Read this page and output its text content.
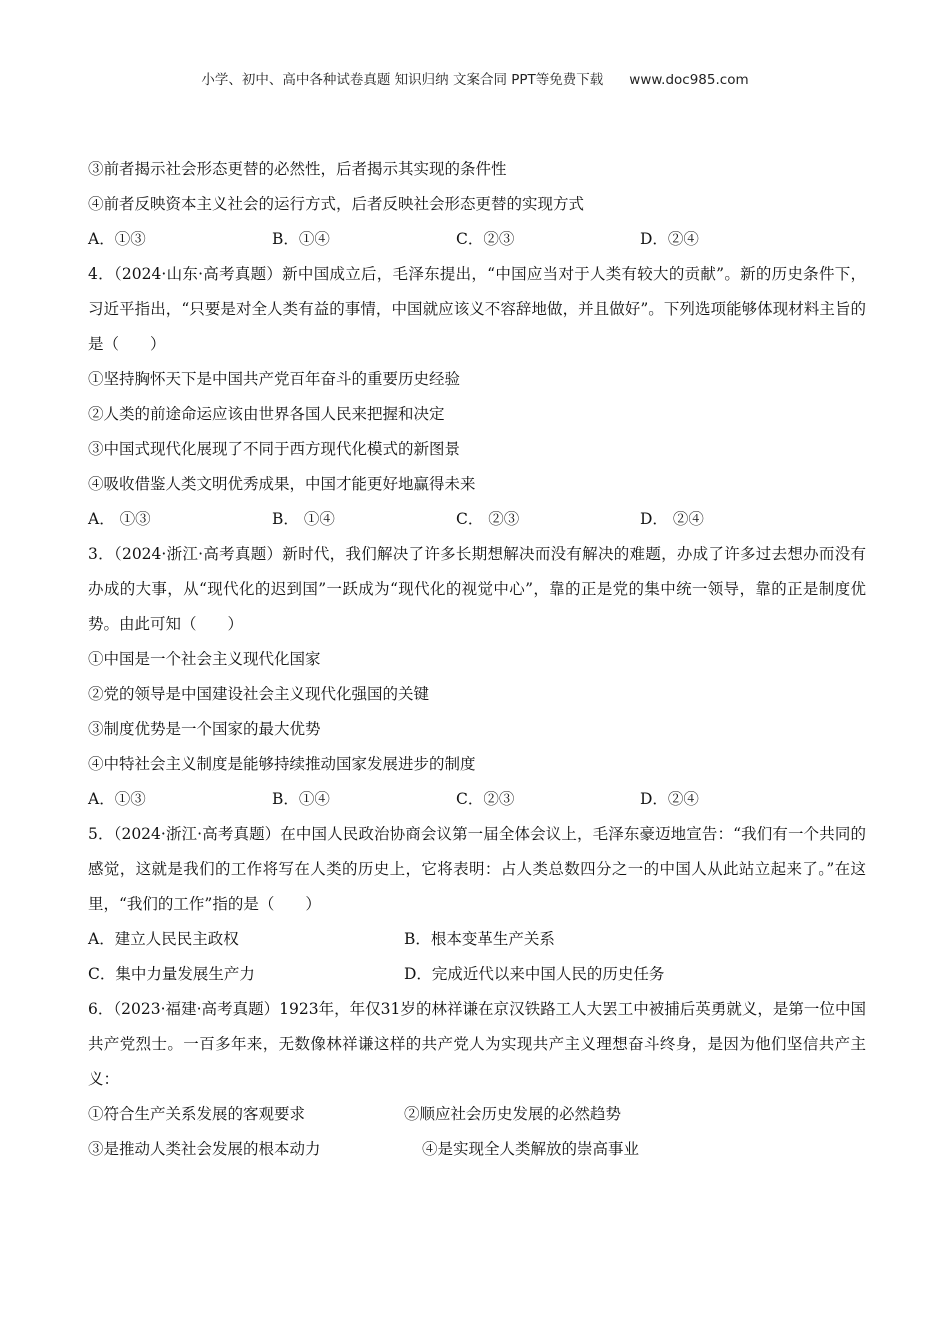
小学、初中、高中各种试卷真题 知识归纳 文案合同 PPT等免费下载 www.doc985.com
③前者揭示社会形态更替的必然性，后者揭示其实现的条件性
④前者反映资本主义社会的运行方式，后者反映社会形态更替的实现方式
A．①③	B．①④	C．②③	D．②④
4．（2024·山东·高考真题）新中国成立后，毛泽东提出，“中国应当对于人类有较大的贡献”。新的历史条件下，习近平指出，“只要是对全人类有益的事情，中国就应该义不容辞地做，并且做好”。下列选项能够体现材料主旨的是（　　）
①坚持胸怀天下是中国共产党百年奋斗的重要历史经验
②人类的前途命运应该由世界各国人民来把握和决定
③中国式现代化展现了不同于西方现代化模式的新图景
④吸收借鉴人类文明优秀成果，中国才能更好地赢得未来
A． ①③	B． ①④	C． ②③	D． ②④
3．（2024·浙江·高考真题）新时代，我们解决了许多长期想解决而没有解决的难题，办成了许多过去想办而没有办成的大事，从“现代化的迟到国”一跃成为“现代化的视觉中心”，靠的正是党的集中统一领导，靠的正是制度优势。由此可知（　　）
①中国是一个社会主义现代化国家
②党的领导是中国建设社会主义现代化强国的关键
③制度优势是一个国家的最大优势
④中特社会主义制度是能够持续推动国家发展进步的制度
A．①③	B．①④	C．②③	D．②④
5．（2024·浙江·高考真题）在中国人民政治协商会议第一届全体会议上，毛泽东豪迈地宣告：“我们有一个共同的感觉，这就是我们的工作将写在人类的历史上，它将表明：占人类总数四分之一的中国人从此站立起来了。”在这里，“我们的工作”指的是（　　）
A．建立人民民主政权	B．根本变革生产关系
C．集中力量发展生产力	D．完成近代以来中国人民的历史任务
6．（2023·福建·高考真题）1923年，年仅31岁的林祥谦在京汉铁路工人大罢工中被捕后英勇就义，是第一位中国共产党烈士。一百多年来，无数像林祥谦这样的共产党人为实现共产主义理想奋斗终身，是因为他们坚信共产主义：
①符合生产关系发展的客观要求	②顺应社会历史发展的必然趋势
③是推动人类社会发展的根本动力	④是实现全人类解放的崇高事业
